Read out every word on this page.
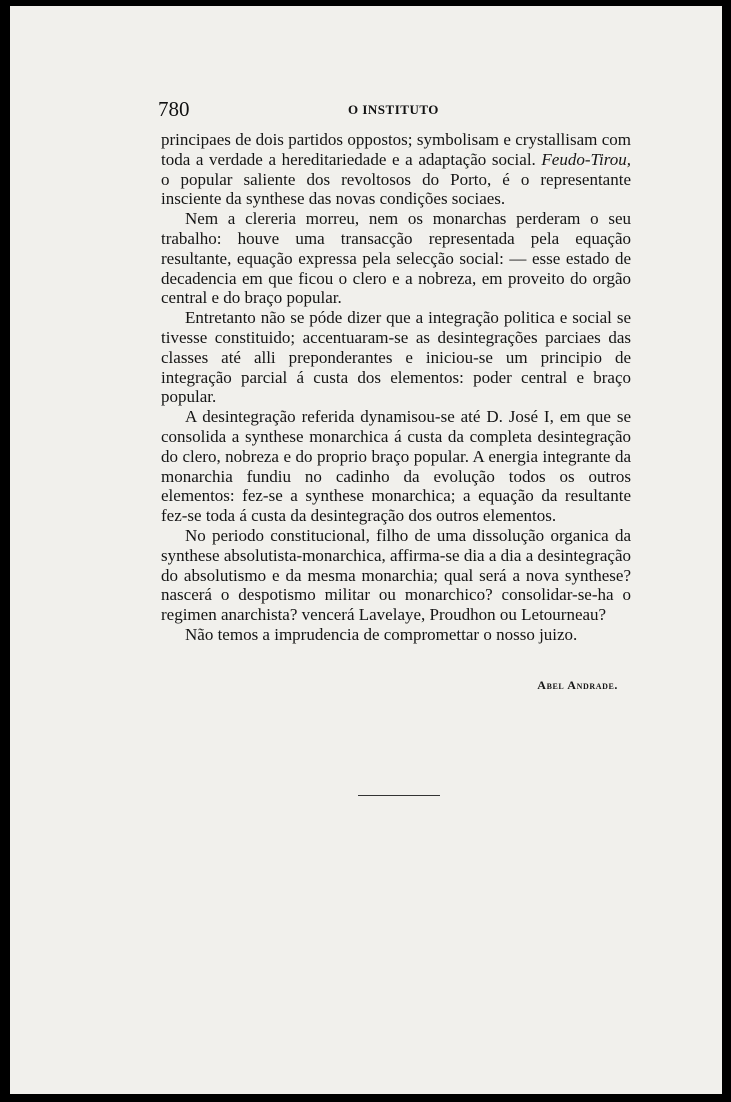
780	O INSTITUTO

principaes de dois partidos oppostos; symbolisam e crystallisam com toda a verdade a hereditariedade e a adaptação social. Feudo-Tirou, o popular saliente dos revoltosos do Porto, é o representante insciente da synthese das novas condições sociaes.

Nem a clereria morreu, nem os monarchas perderam o seu trabalho: houve uma transacção representada pela equação resultante, equação expressa pela selecção social: — esse estado de decadencia em que ficou o clero e a nobreza, em proveito do orgão central e do braço popular.

Entretanto não se póde dizer que a integração politica e social se tivesse constituido; accentuaram-se as desintegrações parciaes das classes até alli preponderantes e iniciou-se um principio de integração parcial á custa dos elementos: poder central e braço popular.

A desintegração referida dynamisou-se até D. José I, em que se consolida a synthese monarchica á custa da completa desintegração do clero, nobreza e do proprio braço popular. A energia integrante da monarchia fundiu no cadinho da evolução todos os outros elementos: fez-se a synthese monarchica; a equação da resultante fez-se toda á custa da desintegração dos outros elementos.

No periodo constitucional, filho de uma dissolução organica da synthese absolutista-monarchica, affirma-se dia a dia a desintegração do absolutismo e da mesma monarchia; qual será a nova synthese? nascerá o despotismo militar ou monarchico? consolidar-se-ha o regimen anarchista? vencerá Lavelaye, Proudhon ou Letourneau?

Não temos a imprudencia de compromettar o nosso juizo.

Abel Andrade.
